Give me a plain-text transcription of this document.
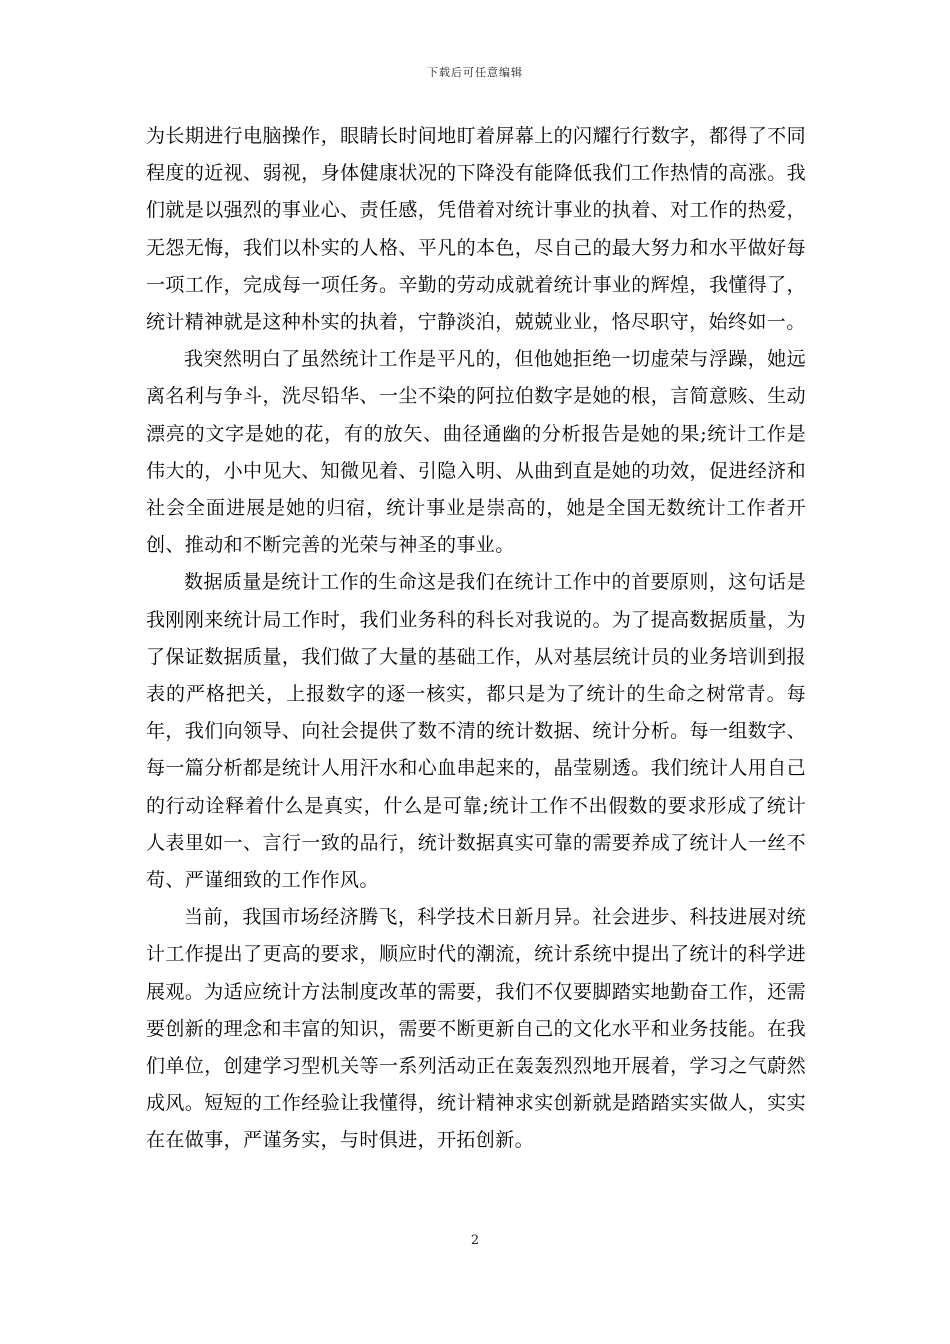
下载后可任意编辑

为长期进行电脑操作，眼睛长时间地盯着屏幕上的闪耀行行数字，都得了不同程度的近视、弱视，身体健康状况的下降没有能降低我们工作热情的高涨。我们就是以强烈的事业心、责任感，凭借着对统计事业的执着、对工作的热爱，无怨无悔，我们以朴实的人格、平凡的本色，尽自己的最大努力和水平做好每一项工作，完成每一项任务。辛勤的劳动成就着统计事业的辉煌，我懂得了，统计精神就是这种朴实的执着，宁静淡泊，兢兢业业，恪尽职守，始终如一。

我突然明白了虽然统计工作是平凡的，但他她拒绝一切虚荣与浮躁，她远离名利与争斗，洗尽铅华、一尘不染的阿拉伯数字是她的根，言简意赅、生动漂亮的文字是她的花，有的放矢、曲径通幽的分析报告是她的果;统计工作是伟大的，小中见大、知微见着、引隐入明、从曲到直是她的功效，促进经济和社会全面进展是她的归宿，统计事业是崇高的，她是全国无数统计工作者开创、推动和不断完善的光荣与神圣的事业。

数据质量是统计工作的生命这是我们在统计工作中的首要原则，这句话是我刚刚来统计局工作时，我们业务科的科长对我说的。为了提高数据质量，为了保证数据质量，我们做了大量的基础工作，从对基层统计员的业务培训到报表的严格把关，上报数字的逐一核实，都只是为了统计的生命之树常青。每年，我们向领导、向社会提供了数不清的统计数据、统计分析。每一组数字、每一篇分析都是统计人用汗水和心血串起来的，晶莹剔透。我们统计人用自己的行动诠释着什么是真实，什么是可靠;统计工作不出假数的要求形成了统计人表里如一、言行一致的品行，统计数据真实可靠的需要养成了统计人一丝不苟、严谨细致的工作作风。

当前，我国市场经济腾飞，科学技术日新月异。社会进步、科技进展对统计工作提出了更高的要求，顺应时代的潮流，统计系统中提出了统计的科学进展观。为适应统计方法制度改革的需要，我们不仅要脚踏实地勤奋工作，还需要创新的理念和丰富的知识，需要不断更新自己的文化水平和业务技能。在我们单位，创建学习型机关等一系列活动正在轰轰烈烈地开展着，学习之气蔚然成风。短短的工作经验让我懂得，统计精神求实创新就是踏踏实实做人，实实在在做事，严谨务实，与时俱进，开拓创新。

2
